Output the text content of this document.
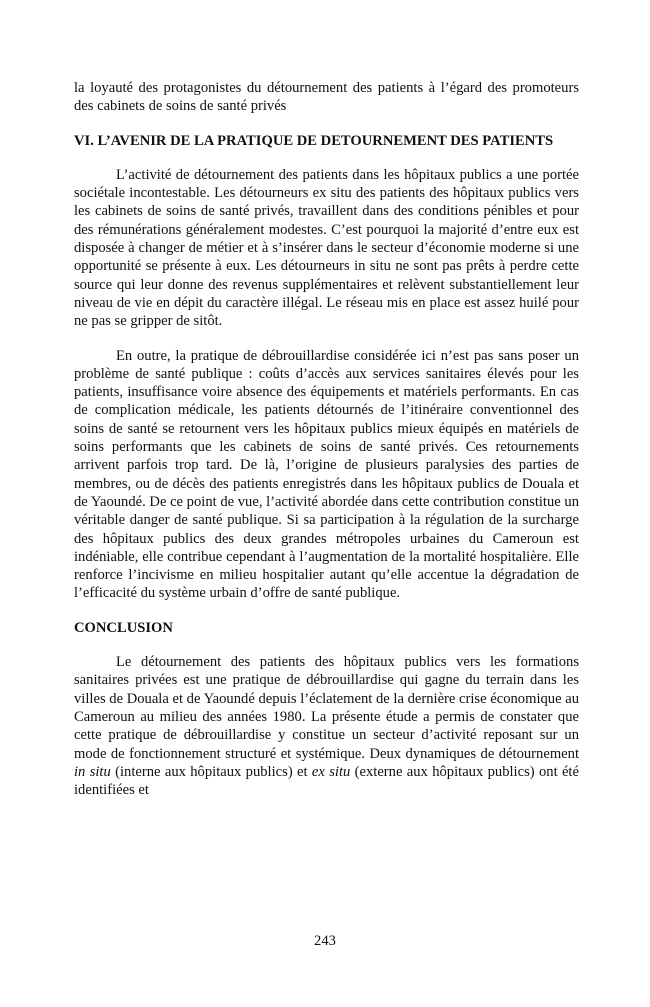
la loyauté des protagonistes du détournement des patients à l’égard des promoteurs des cabinets de soins de santé privés

VI. L’AVENIR DE LA PRATIQUE DE DETOURNEMENT DES PATIENTS

L’activité de détournement des patients dans les hôpitaux publics a une portée sociétale incontestable. Les détourneurs ex situ des patients des hôpitaux publics vers les cabinets de soins de santé privés, travaillent dans des conditions pénibles et pour des rémunérations généralement modestes. C’est pourquoi la majorité d’entre eux est disposée à changer de métier et à s’insérer dans le secteur d’économie moderne si une opportunité se présente à eux. Les détourneurs in situ ne sont pas prêts à perdre cette source qui leur donne des revenus supplémentaires et relèvent substantiellement leur niveau de vie en dépit du caractère illégal. Le réseau mis en place est assez huilé pour ne pas se gripper de sitôt.

En outre, la pratique de débrouillardise considérée ici n’est pas sans poser un problème de santé publique : coûts d’accès aux services sanitaires élevés pour les patients, insuffisance voire absence des équipements et matériels performants. En cas de complication médicale, les patients détournés de l’itinéraire conventionnel des soins de santé se retournent vers les hôpitaux publics mieux équipés en matériels de soins performants que les cabinets de soins de santé privés. Ces retournements arrivent parfois trop tard. De là, l’origine de plusieurs paralysies des parties de membres, ou de décès des patients enregistrés dans les hôpitaux publics de Douala et de Yaoundé. De ce point de vue, l’activité abordée dans cette contribution constitue un véritable danger de santé publique. Si sa participation à la régulation de la surcharge des hôpitaux publics des deux grandes métropoles urbaines du Cameroun est indéniable, elle contribue cependant à l’augmentation de la mortalité hospitalière. Elle renforce l’incivisme en milieu hospitalier autant qu’elle accentue la dégradation de l’efficacité du système urbain d’offre de santé publique.

CONCLUSION

Le détournement des patients des hôpitaux publics vers les formations sanitaires privées est une pratique de débrouillardise qui gagne du terrain dans les villes de Douala et de Yaoundé depuis l’éclatement de la dernière crise économique au Cameroun au milieu des années 1980. La présente étude a permis de constater que cette pratique de débrouillardise y constitue un secteur d’activité reposant sur un mode de fonctionnement structuré et systémique. Deux dynamiques de détournement in situ (interne aux hôpitaux publics) et ex situ (externe aux hôpitaux publics) ont été identifiées et

243
